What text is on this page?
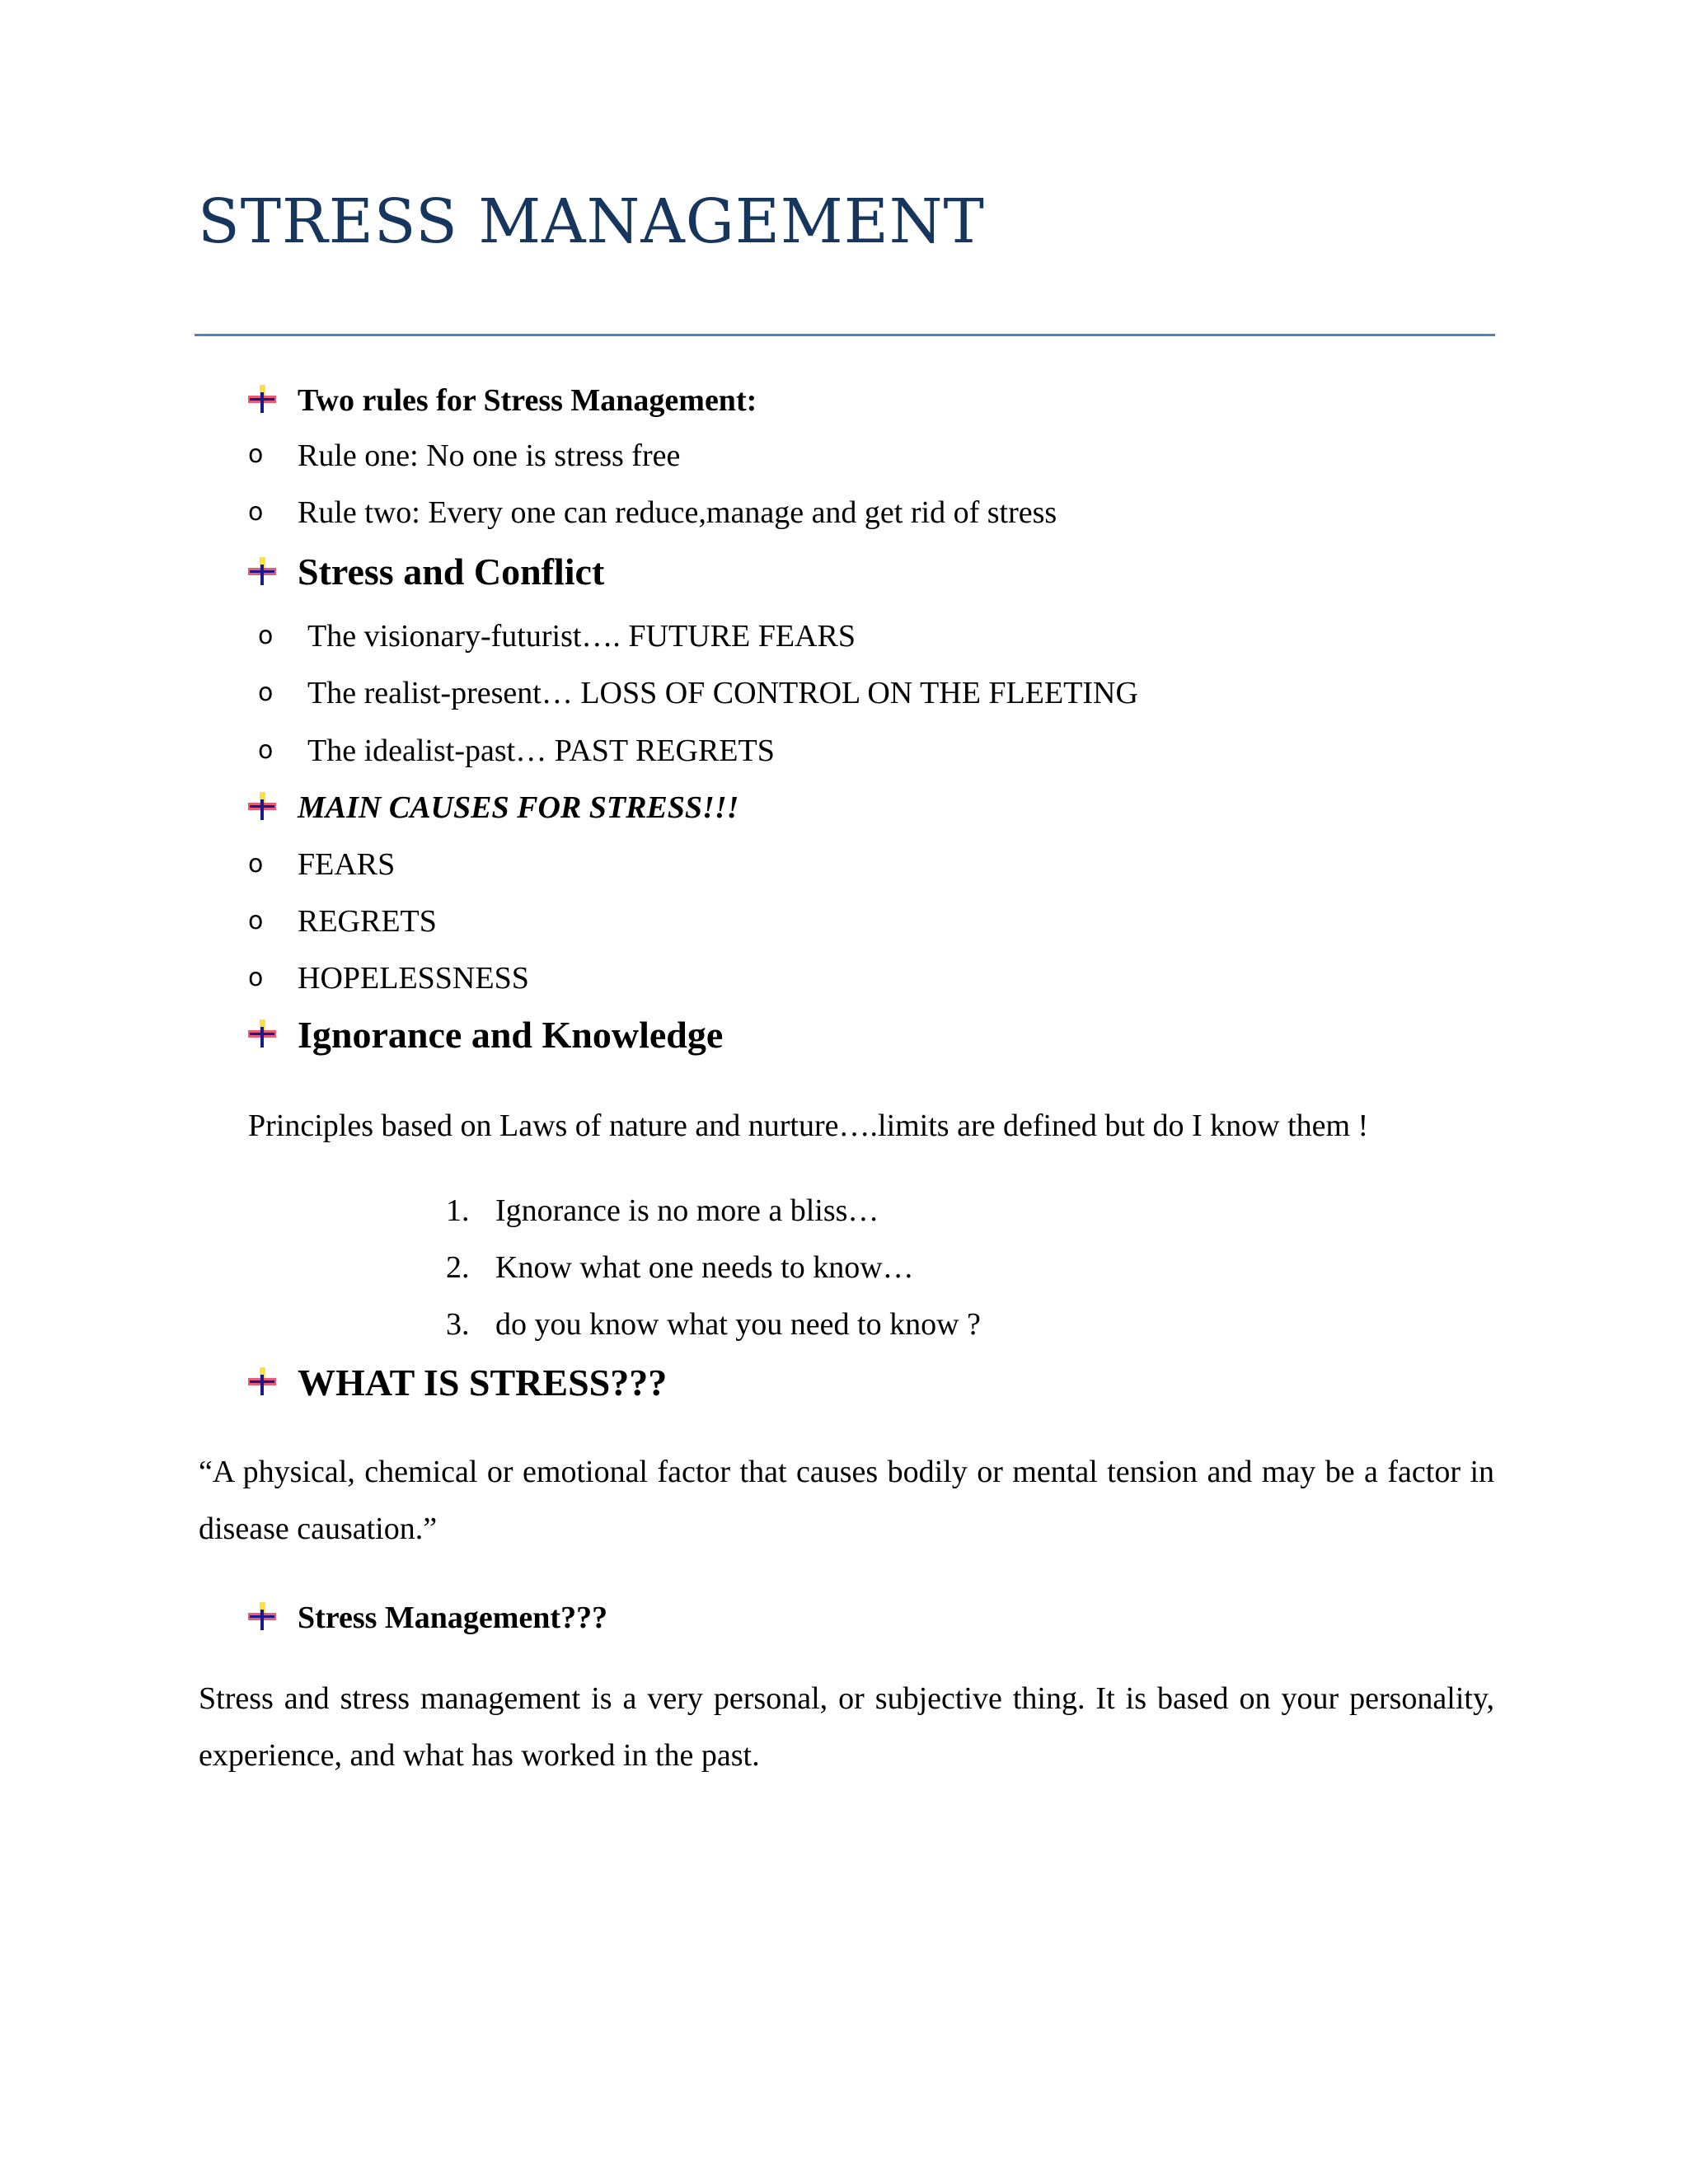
STRESS MANAGEMENT
Two rules for Stress Management:
o Rule one: No one is stress free
o Rule two: Every one can reduce,manage and get rid of stress
Stress and Conflict
o The visionary-futurist…. FUTURE FEARS
o The realist-present… LOSS OF CONTROL ON THE FLEETING
o The idealist-past… PAST REGRETS
MAIN CAUSES FOR STRESS!!!
o FEARS
o REGRETS
o HOPELESSNESS
Ignorance and Knowledge
Principles based on Laws of nature and nurture….limits are defined but do I know them !
1. Ignorance is no more a bliss…
2. Know what one needs to know…
3. do you know what you need to know ?
WHAT IS STRESS???
“A physical, chemical or emotional factor that causes bodily or mental tension and may be a factor in disease causation.”
Stress Management???
Stress and stress management is a very personal, or subjective thing. It is based on your personality, experience, and what has worked in the past.
